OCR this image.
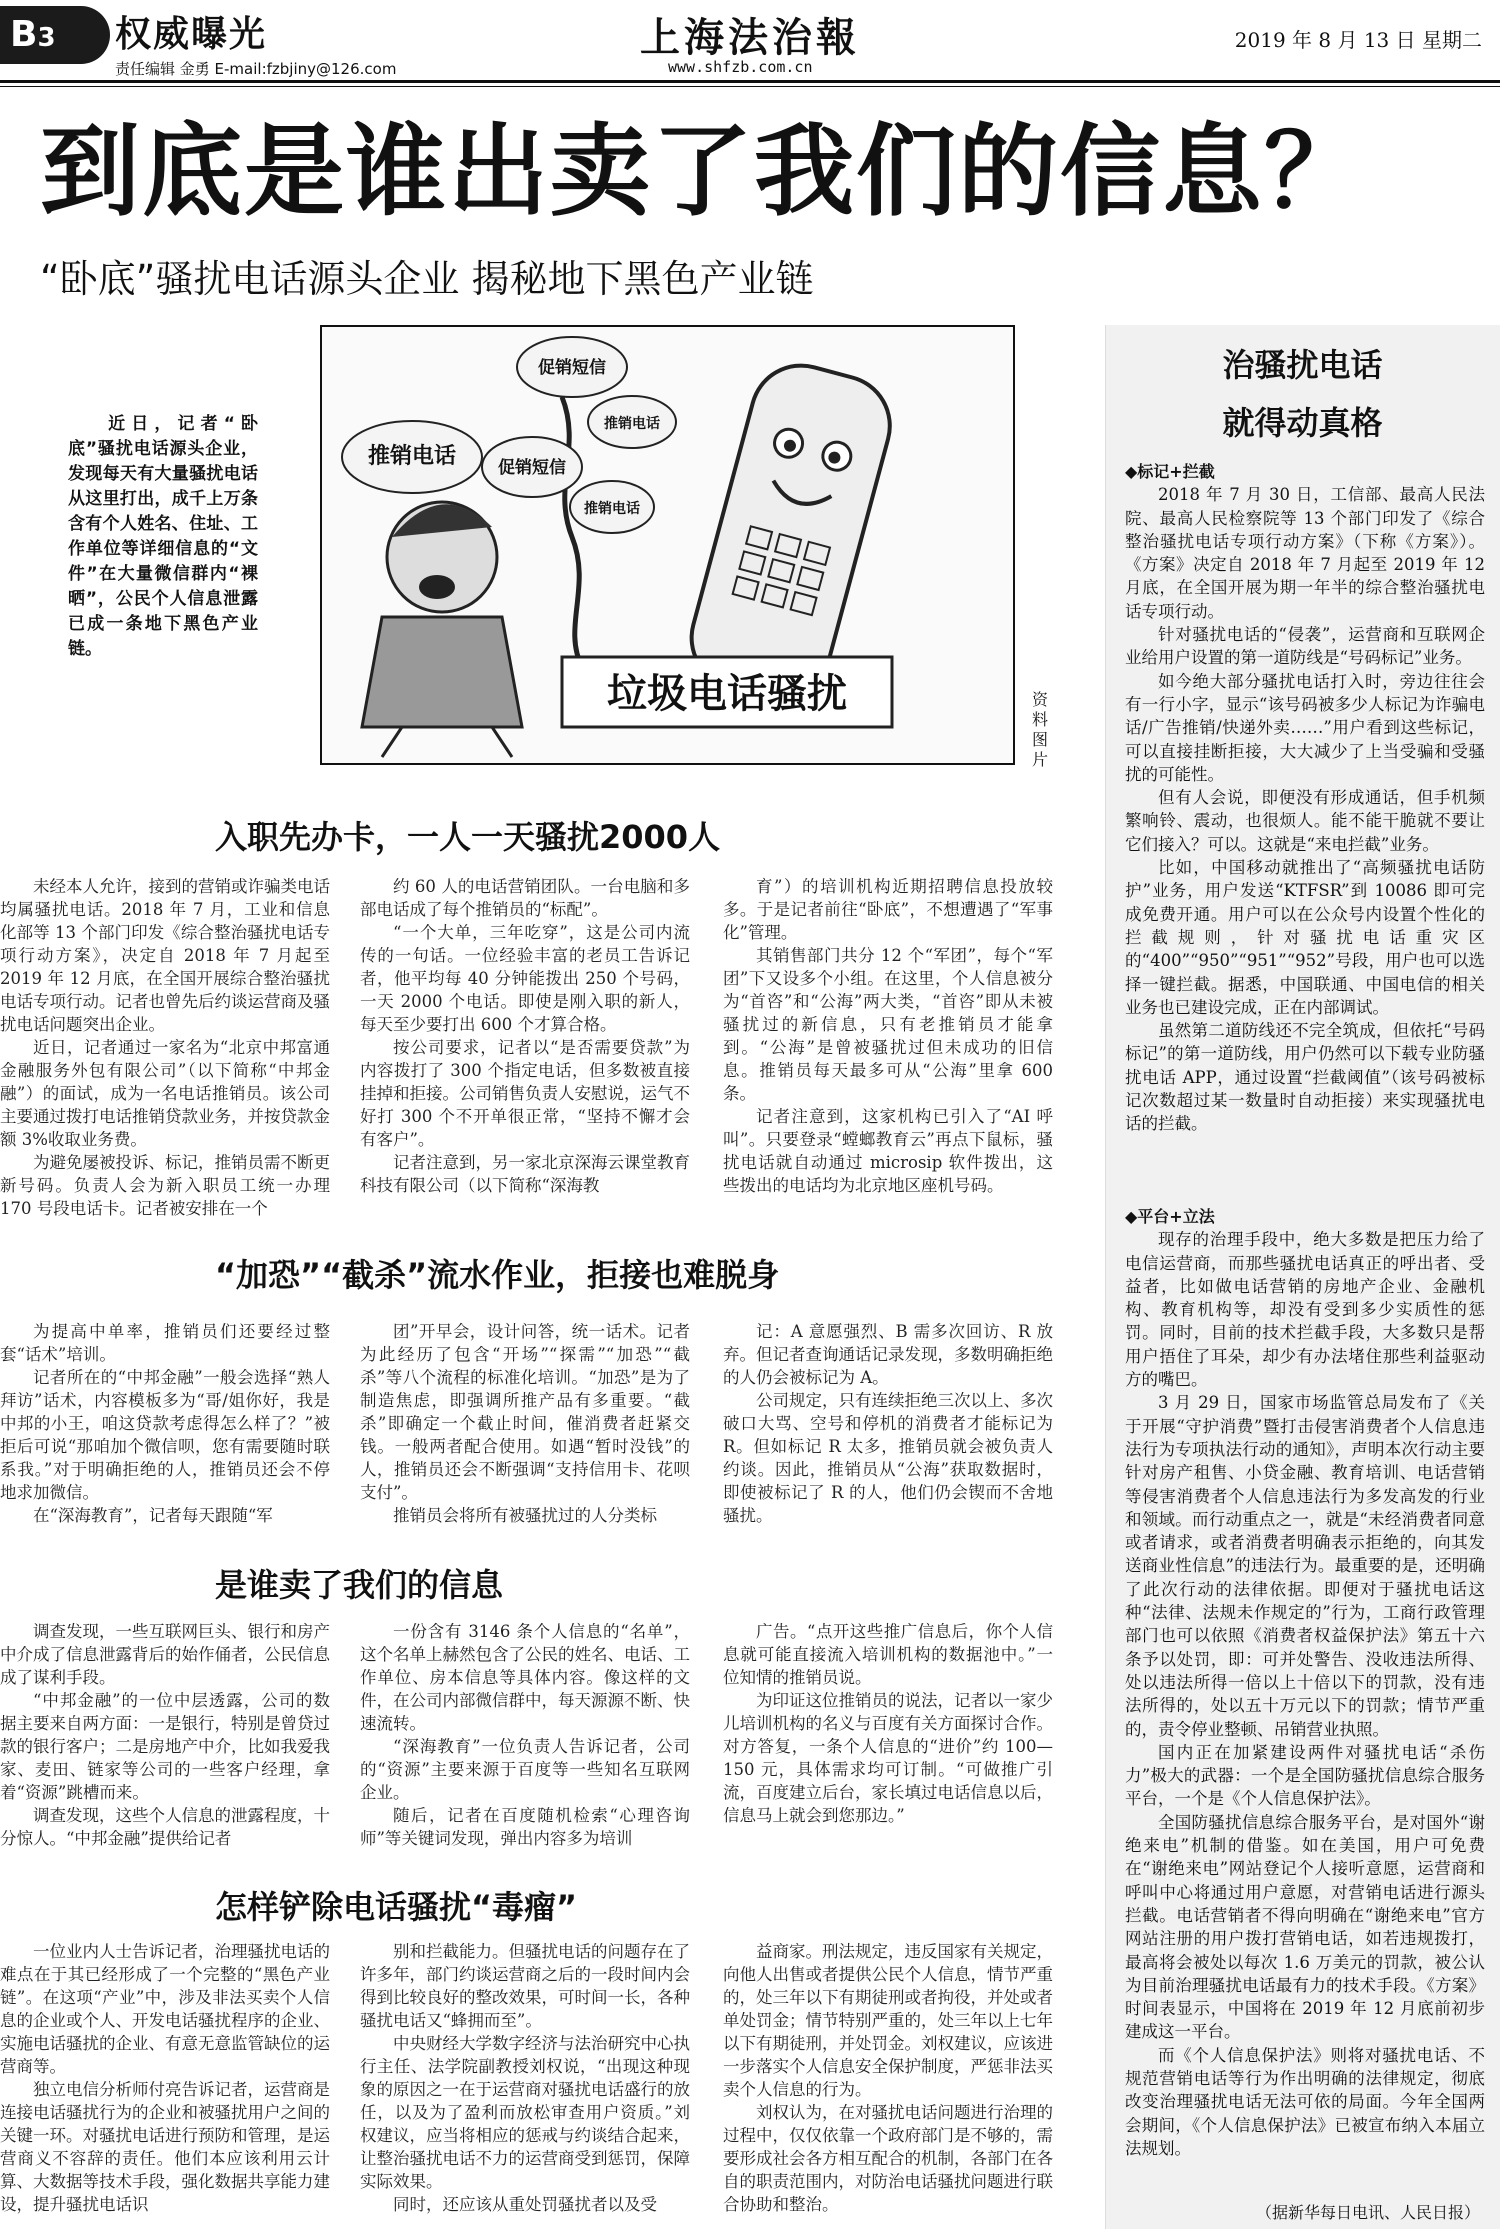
B3	权威曝光
责任编辑 金勇 E-mail:fzbjiny@126.com
上海法治報
www.shfzb.com.cn
2019 年 8 月 13 日 星期二
到底是谁出卖了我们的信息？
“卧底”骚扰电话源头企业 揭秘地下黑色产业链
近日，记者“卧底”骚扰电话源头企业，发现每天有大量骚扰电话从这里打出，成千上万条含有个人姓名、住址、工作单位等详细信息的“文件”在大量微信群内“裸晒”，公民个人信息泄露已成一条地下黑色产业链。
促销短信
推销电话 促销短信
推销电话
推销电话
垃圾电话骚扰	资料图片
入职先办卡，一人一天骚扰2000人

未经本人允许，接到的营销或诈骗类电话均属骚扰电话。2018 年 7 月，工业和信息化部等 13 个部门印发《综合整治骚扰电话专项行动方案》，决定自 2018 年 7 月起至 2019 年 12 月底，在全国开展综合整治骚扰电话专项行动。记者也曾先后约谈运营商及骚扰电话问题突出企业。

近日，记者通过一家名为“北京中邦富通金融服务外包有限公司”（以下简称“中邦金融”）的面试，成为一名电话推销员。该公司主要通过拨打电话推销贷款业务，并按贷款金额 3%收取业务费。

为避免屡被投诉、标记，推销员需不断更新号码。负责人会为新入职员工统一办理 170 号段电话卡。记者被安排在一个

约 60 人的电话营销团队。一台电脑和多部电话成了每个推销员的“标配”。

“一个大单，三年吃穿”，这是公司内流传的一句话。一位经验丰富的老员工告诉记者，他平均每 40 分钟能拨出 250 个号码，一天 2000 个电话。即使是刚入职的新人，每天至少要打出 600 个才算合格。

按公司要求，记者以“是否需要贷款”为内容拨打了 300 个指定电话，但多数被直接挂掉和拒接。公司销售负责人安慰说，运气不好打 300 个不开单很正常，“坚持不懈才会有客户”。

记者注意到，另一家北京深海云课堂教育科技有限公司（以下简称“深海教

育”）的培训机构近期招聘信息投放较多。于是记者前往“卧底”，不想遭遇了“军事化”管理。

其销售部门共分 12 个“军团”，每个“军团”下又设多个小组。在这里，个人信息被分为“首咨”和“公海”两大类，“首咨”即从未被骚扰过的新信息，只有老推销员才能拿到。“公海”是曾被骚扰过但未成功的旧信息。推销员每天最多可从“公海”里拿 600 条。

记者注意到，这家机构已引入了“AI 呼叫”。只要登录“螳螂教育云”再点下鼠标，骚扰电话就自动通过 microsip 软件拨出，这些拨出的电话均为北京地区座机号码。

“加恐”“截杀”流水作业，拒接也难脱身

为提高中单率，推销员们还要经过整套“话术”培训。

记者所在的“中邦金融”一般会选择“熟人拜访”话术，内容模板多为“哥/姐你好，我是中邦的小王，咱这贷款考虑得怎么样了？”被拒后可说“那咱加个微信呗，您有需要随时联系我。”对于明确拒绝的人，推销员还会不停地求加微信。

在“深海教育”，记者每天跟随“军

团”开早会，设计问答，统一话术。记者为此经历了包含“开场”“探需”“加恐”“截杀”等八个流程的标准化培训。“加恐”是为了制造焦虑，即强调所推产品有多重要。“截杀”即确定一个截止时间，催消费者赶紧交钱。一般两者配合使用。如遇“暂时没钱”的人，推销员还会不断强调“支持信用卡、花呗支付”。

推销员会将所有被骚扰过的人分类标

记：A 意愿强烈、B 需多次回访、R 放弃。但记者查询通话记录发现，多数明确拒绝的人仍会被标记为 A。

公司规定，只有连续拒绝三次以上、多次破口大骂、空号和停机的消费者才能标记为 R。但如标记 R 太多，推销员就会被负责人约谈。因此，推销员从“公海”获取数据时，即使被标记了 R 的人，他们仍会锲而不舍地骚扰。

是谁卖了我们的信息

调查发现，一些互联网巨头、银行和房产中介成了信息泄露背后的始作俑者，公民信息成了谋利手段。

“中邦金融”的一位中层透露，公司的数据主要来自两方面：一是银行，特别是曾贷过款的银行客户；二是房地产中介，比如我爱我家、麦田、链家等公司的一些客户经理，拿着“资源”跳槽而来。

调查发现，这些个人信息的泄露程度，十分惊人。“中邦金融”提供给记者

一份含有 3146 条个人信息的“名单”，这个名单上赫然包含了公民的姓名、电话、工作单位、房本信息等具体内容。像这样的文件，在公司内部微信群中，每天源源不断、快速流转。

“深海教育”一位负责人告诉记者，公司的“资源”主要来源于百度等一些知名互联网企业。

随后，记者在百度随机检索“心理咨询师”等关键词发现，弹出内容多为培训

广告。“点开这些推广信息后，你个人信息就可能直接流入培训机构的数据池中。”一位知情的推销员说。

为印证这位推销员的说法，记者以一家少儿培训机构的名义与百度有关方面探讨合作。对方答复，一条个人信息的“进价”约 100—150 元，具体需求均可订制。“可做推广引流，百度建立后台，家长填过电话信息以后，信息马上就会到您那边。”

怎样铲除电话骚扰“毒瘤”

一位业内人士告诉记者，治理骚扰电话的难点在于其已经形成了一个完整的“黑色产业链”。在这项“产业”中，涉及非法买卖个人信息的企业或个人、开发电话骚扰程序的企业、实施电话骚扰的企业、有意无意监管缺位的运营商等。

独立电信分析师付亮告诉记者，运营商是连接电话骚扰行为的企业和被骚扰用户之间的关键一环。对骚扰电话进行预防和管理，是运营商义不容辞的责任。他们本应该利用云计算、大数据等技术手段，强化数据共享能力建设，提升骚扰电话识

别和拦截能力。但骚扰电话的问题存在了许多年，部门约谈运营商之后的一段时间内会得到比较良好的整改效果，可时间一长，各种骚扰电话又“蜂拥而至”。

中央财经大学数字经济与法治研究中心执行主任、法学院副教授刘权说，“出现这种现象的原因之一在于运营商对骚扰电话盛行的放任，以及为了盈利而放松审查用户资质。”刘权建议，应当将相应的惩戒与约谈结合起来，让整治骚扰电话不力的运营商受到惩罚，保障实际效果。

同时，还应该从重处罚骚扰者以及受

益商家。刑法规定，违反国家有关规定，向他人出售或者提供公民个人信息，情节严重的，处三年以下有期徒刑或者拘役，并处或者单处罚金；情节特别严重的，处三年以上七年以下有期徒刑，并处罚金。刘权建议，应该进一步落实个人信息安全保护制度，严惩非法买卖个人信息的行为。

刘权认为，在对骚扰电话问题进行治理的过程中，仅仅依靠一个政府部门是不够的，需要形成社会各方相互配合的机制，各部门在各自的职责范围内，对防治电话骚扰问题进行联合协助和整治。

治骚扰电话
就得动真格
◆标记+拦截

2018 年 7 月 30 日，工信部、最高人民法院、最高人民检察院等 13 个部门印发了《综合整治骚扰电话专项行动方案》（下称《方案》）。《方案》决定自 2018 年 7 月起至 2019 年 12 月底，在全国开展为期一年半的综合整治骚扰电话专项行动。

针对骚扰电话的“侵袭”，运营商和互联网企业给用户设置的第一道防线是“号码标记”业务。

如今绝大部分骚扰电话打入时，旁边往往会有一行小字，显示“该号码被多少人标记为诈骗电话/广告推销/快递外卖……”用户看到这些标记，可以直接挂断拒接，大大减少了上当受骗和受骚扰的可能性。

但有人会说，即便没有形成通话，但手机频繁响铃、震动，也很烦人。能不能干脆就不要让它们接入？可以。这就是“来电拦截”业务。

比如，中国移动就推出了“高频骚扰电话防护”业务，用户发送“KTFSR”到 10086 即可完成免费开通。用户可以在公众号内设置个性化的拦截规则，针对骚扰电话重灾区的“400”“950”“951”“952”号段，用户也可以选择一键拦截。据悉，中国联通、中国电信的相关业务也已建设完成，正在内部调试。

虽然第二道防线还不完全筑成，但依托“号码标记”的第一道防线，用户仍然可以下载专业防骚扰电话 APP，通过设置“拦截阈值”（该号码被标记次数超过某一数量时自动拒接）来实现骚扰电话的拦截。

◆平台+立法

现存的治理手段中，绝大多数是把压力给了电信运营商，而那些骚扰电话真正的呼出者、受益者，比如做电话营销的房地产企业、金融机构、教育机构等，却没有受到多少实质性的惩罚。同时，目前的技术拦截手段，大多数只是帮用户捂住了耳朵，却少有办法堵住那些利益驱动方的嘴巴。

3 月 29 日，国家市场监管总局发布了《关于开展“守护消费”暨打击侵害消费者个人信息违法行为专项执法行动的通知》，声明本次行动主要针对房产租售、小贷金融、教育培训、电话营销等侵害消费者个人信息违法行为多发高发的行业和领域。而行动重点之一，就是“未经消费者同意或者请求，或者消费者明确表示拒绝的，向其发送商业性信息”的违法行为。最重要的是，还明确了此次行动的法律依据。即便对于骚扰电话这种“法律、法规未作规定的”行为，工商行政管理部门也可以依照《消费者权益保护法》第五十六条予以处罚，即：可并处警告、没收违法所得、处以违法所得一倍以上十倍以下的罚款，没有违法所得的，处以五十万元以下的罚款；情节严重的，责令停业整顿、吊销营业执照。

国内正在加紧建设两件对骚扰电话“杀伤力”极大的武器：一个是全国防骚扰信息综合服务平台，一个是《个人信息保护法》。

全国防骚扰信息综合服务平台，是对国外“谢绝来电”机制的借鉴。如在美国，用户可免费在“谢绝来电”网站登记个人接听意愿，运营商和呼叫中心将通过用户意愿，对营销电话进行源头拦截。电话营销者不得向明确在“谢绝来电”官方网站注册的用户拨打营销电话，如若违规拨打，最高将会被处以每次 1.6 万美元的罚款，被公认为目前治理骚扰电话最有力的技术手段。《方案》时间表显示，中国将在 2019 年 12 月底前初步建成这一平台。

而《个人信息保护法》则将对骚扰电话、不规范营销电话等行为作出明确的法律规定，彻底改变治理骚扰电话无法可依的局面。今年全国两会期间，《个人信息保护法》已被宣布纳入本届立法规划。

（据新华每日电讯、人民日报）
